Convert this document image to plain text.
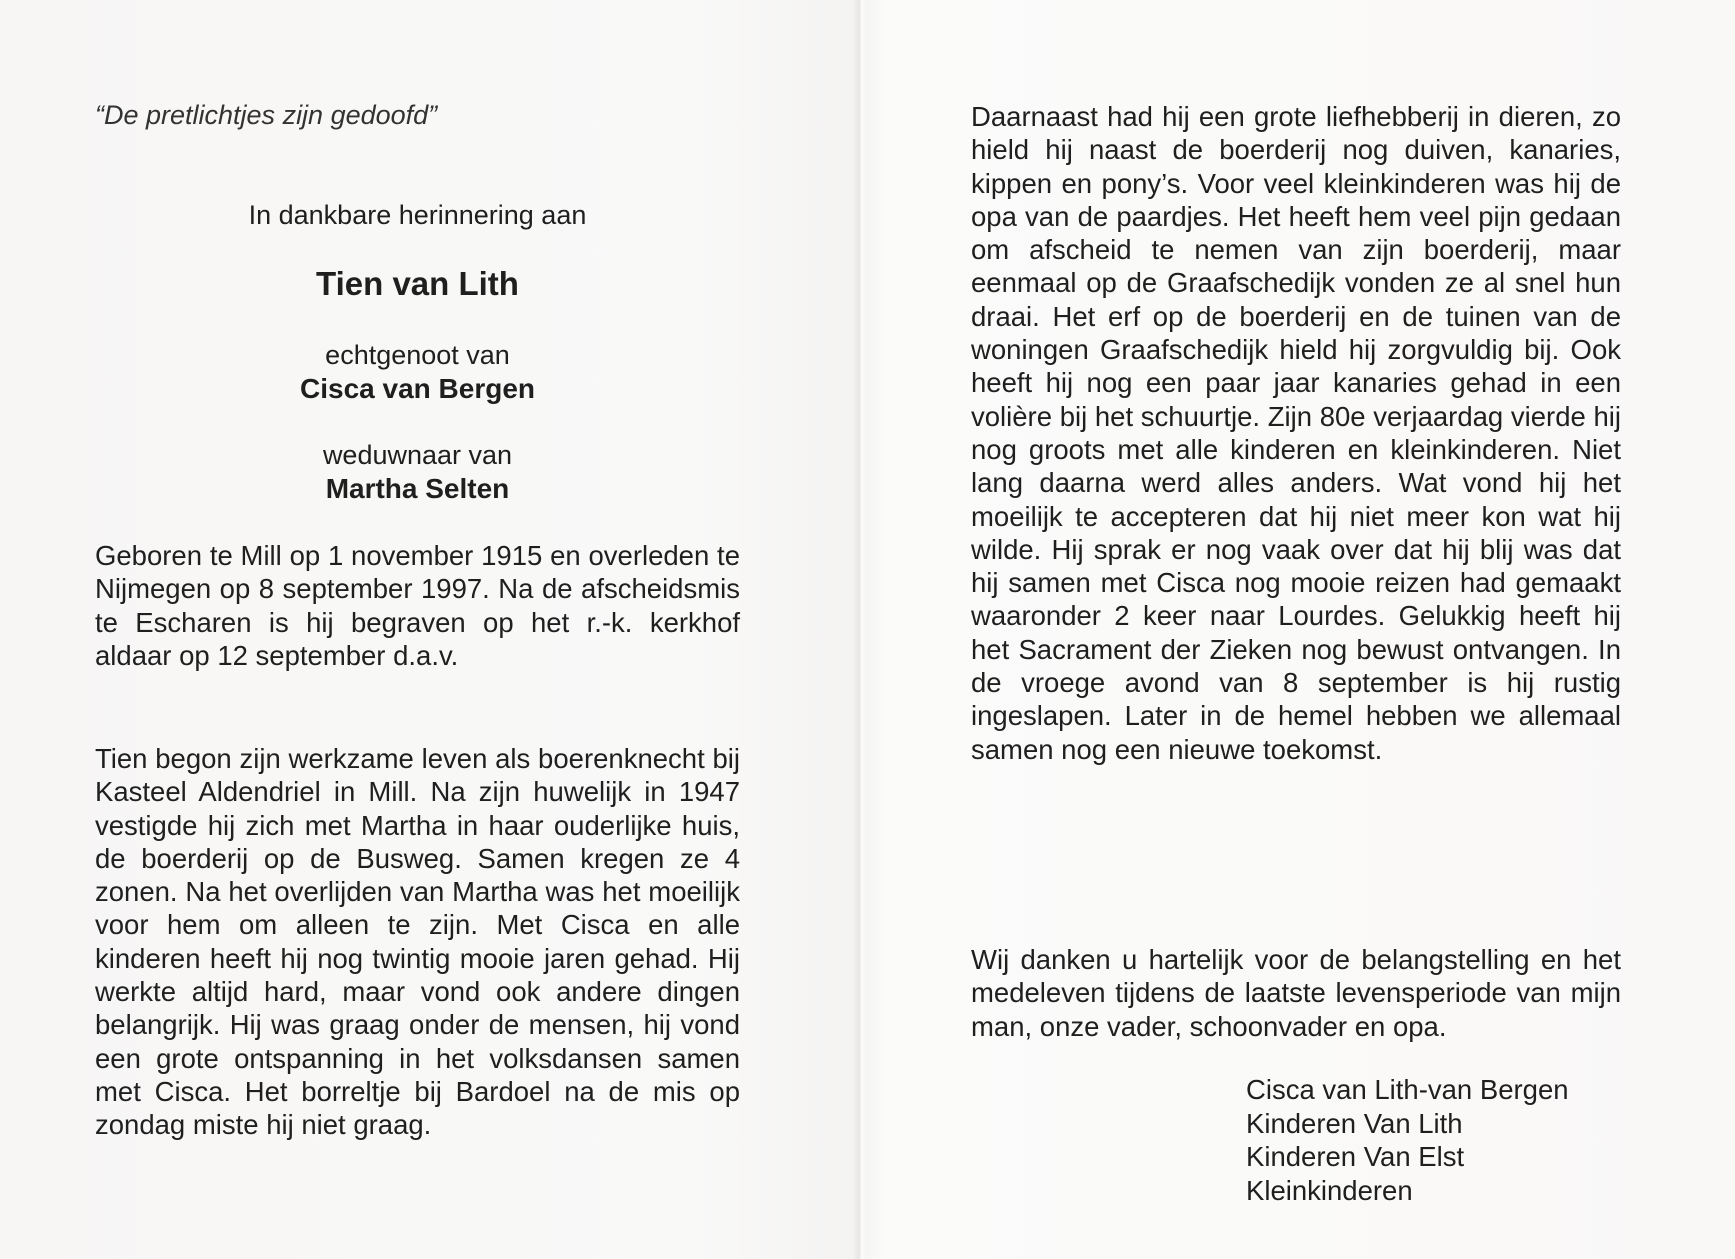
“De pretlichtjes zijn gedoofd”
In dankbare herinnering aan
Tien van Lith
echtgenoot van
Cisca van Bergen
weduwnaar van
Martha Selten

Geboren te Mill op 1 november 1915 en overleden te Nijmegen op 8 september 1997. Na de afscheidsmis te Escharen is hij begraven op het r.-k. kerkhof aldaar op 12 september d.a.v.

Tien begon zijn werkzame leven als boerenknecht bij Kasteel Aldendriel in Mill. Na zijn huwelijk in 1947 vestigde hij zich met Martha in haar ouderlijke huis, de boerderij op de Busweg. Samen kregen ze 4 zonen. Na het overlijden van Martha was het moeilijk voor hem om alleen te zijn. Met Cisca en alle kinderen heeft hij nog twintig mooie jaren gehad. Hij werkte altijd hard, maar vond ook andere dingen belangrijk. Hij was graag onder de mensen, hij vond een grote ontspanning in het volksdansen samen met Cisca. Het borreltje bij Bardoel na de mis op zondag miste hij niet graag.

Daarnaast had hij een grote liefhebberij in dieren, zo hield hij naast de boerderij nog duiven, kanaries, kippen en pony’s. Voor veel kleinkinderen was hij de opa van de paardjes. Het heeft hem veel pijn gedaan om afscheid te nemen van zijn boerderij, maar eenmaal op de Graafschedijk vonden ze al snel hun draai. Het erf op de boerderij en de tuinen van de woningen Graafschedijk hield hij zorgvuldig bij. Ook heeft hij nog een paar jaar kanaries gehad in een volière bij het schuurtje. Zijn 80e verjaardag vierde hij nog groots met alle kinderen en kleinkinderen. Niet lang daarna werd alles anders. Wat vond hij het moeilijk te accepteren dat hij niet meer kon wat hij wilde. Hij sprak er nog vaak over dat hij blij was dat hij samen met Cisca nog mooie reizen had gemaakt waaronder 2 keer naar Lourdes. Gelukkig heeft hij het Sacrament der Zieken nog bewust ontvangen. In de vroege avond van 8 september is hij rustig ingeslapen. Later in de hemel hebben we allemaal samen nog een nieuwe toekomst.

Wij danken u hartelijk voor de belangstelling en het medeleven tijdens de laatste levensperiode van mijn man, onze vader, schoonvader en opa.

Cisca van Lith-van Bergen
Kinderen Van Lith
Kinderen Van Elst
Kleinkinderen
